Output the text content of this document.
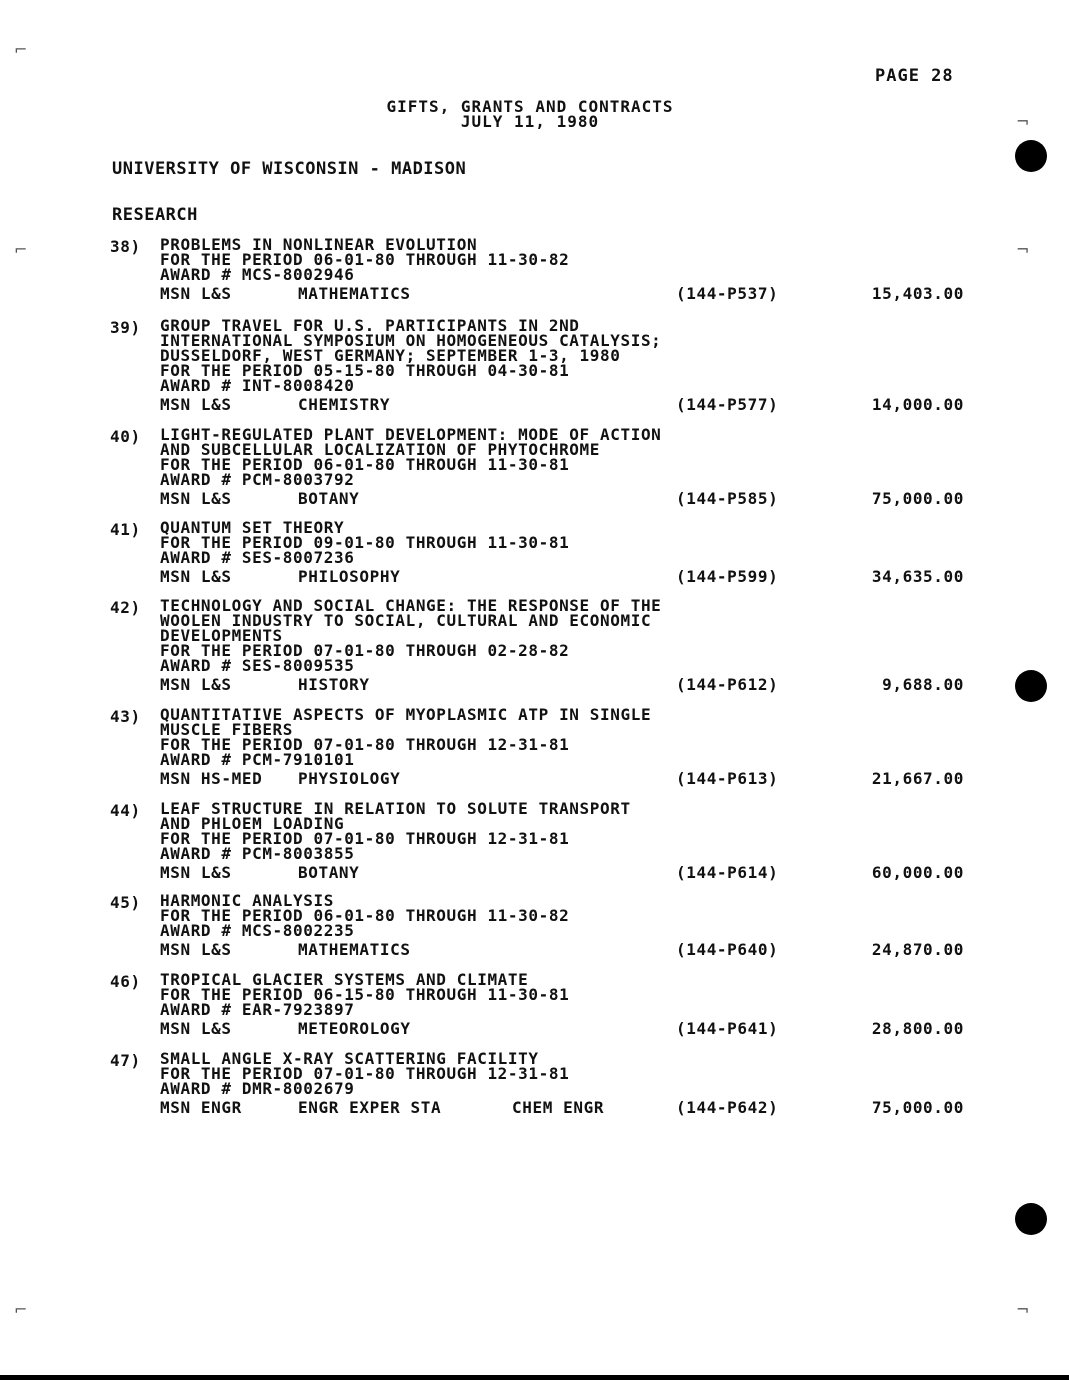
PAGE 28
GIFTS, GRANTS AND CONTRACTS
JULY 11, 1980
UNIVERSITY OF WISCONSIN - MADISON
RESEARCH
38) PROBLEMS IN NONLINEAR EVOLUTION
FOR THE PERIOD 06-01-80 THROUGH 11-30-82
AWARD # MCS-8002946
MSN L&S	MATHEMATICS	(144-P537)	15,403.00
39) GROUP TRAVEL FOR U.S. PARTICIPANTS IN 2ND
INTERNATIONAL SYMPOSIUM ON HOMOGENEOUS CATALYSIS;
DUSSELDORF, WEST GERMANY; SEPTEMBER 1-3, 1980
FOR THE PERIOD 05-15-80 THROUGH 04-30-81
AWARD # INT-8008420
MSN L&S	CHEMISTRY	(144-P577)	14,000.00
40) LIGHT-REGULATED PLANT DEVELOPMENT: MODE OF ACTION
AND SUBCELLULAR LOCALIZATION OF PHYTOCHROME
FOR THE PERIOD 06-01-80 THROUGH 11-30-81
AWARD # PCM-8003792
MSN L&S	BOTANY	(144-P585)	75,000.00
41) QUANTUM SET THEORY
FOR THE PERIOD 09-01-80 THROUGH 11-30-81
AWARD # SES-8007236
MSN L&S	PHILOSOPHY	(144-P599)	34,635.00
42) TECHNOLOGY AND SOCIAL CHANGE: THE RESPONSE OF THE
WOOLEN INDUSTRY TO SOCIAL, CULTURAL AND ECONOMIC
DEVELOPMENTS
FOR THE PERIOD 07-01-80 THROUGH 02-28-82
AWARD # SES-8009535
MSN L&S	HISTORY	(144-P612)	9,688.00
43) QUANTITATIVE ASPECTS OF MYOPLASMIC ATP IN SINGLE
MUSCLE FIBERS
FOR THE PERIOD 07-01-80 THROUGH 12-31-81
AWARD # PCM-7910101
MSN HS-MED PHYSIOLOGY	(144-P613)	21,667.00
44) LEAF STRUCTURE IN RELATION TO SOLUTE TRANSPORT
AND PHLOEM LOADING
FOR THE PERIOD 07-01-80 THROUGH 12-31-81
AWARD # PCM-8003855
MSN L&S	BOTANY	(144-P614)	60,000.00
45) HARMONIC ANALYSIS
FOR THE PERIOD 06-01-80 THROUGH 11-30-82
AWARD # MCS-8002235
MSN L&S	MATHEMATICS	(144-P640)	24,870.00
46) TROPICAL GLACIER SYSTEMS AND CLIMATE
FOR THE PERIOD 06-15-80 THROUGH 11-30-81
AWARD # EAR-7923897
MSN L&S	METEOROLOGY	(144-P641)	28,800.00
47) SMALL ANGLE X-RAY SCATTERING FACILITY
FOR THE PERIOD 07-01-80 THROUGH 12-31-81
AWARD # DMR-8002679
MSN ENGR	ENGR EXPER STA	CHEM ENGR	(144-P642)	75,000.00
⌐
⌐
⌐
¬
¬
¬
